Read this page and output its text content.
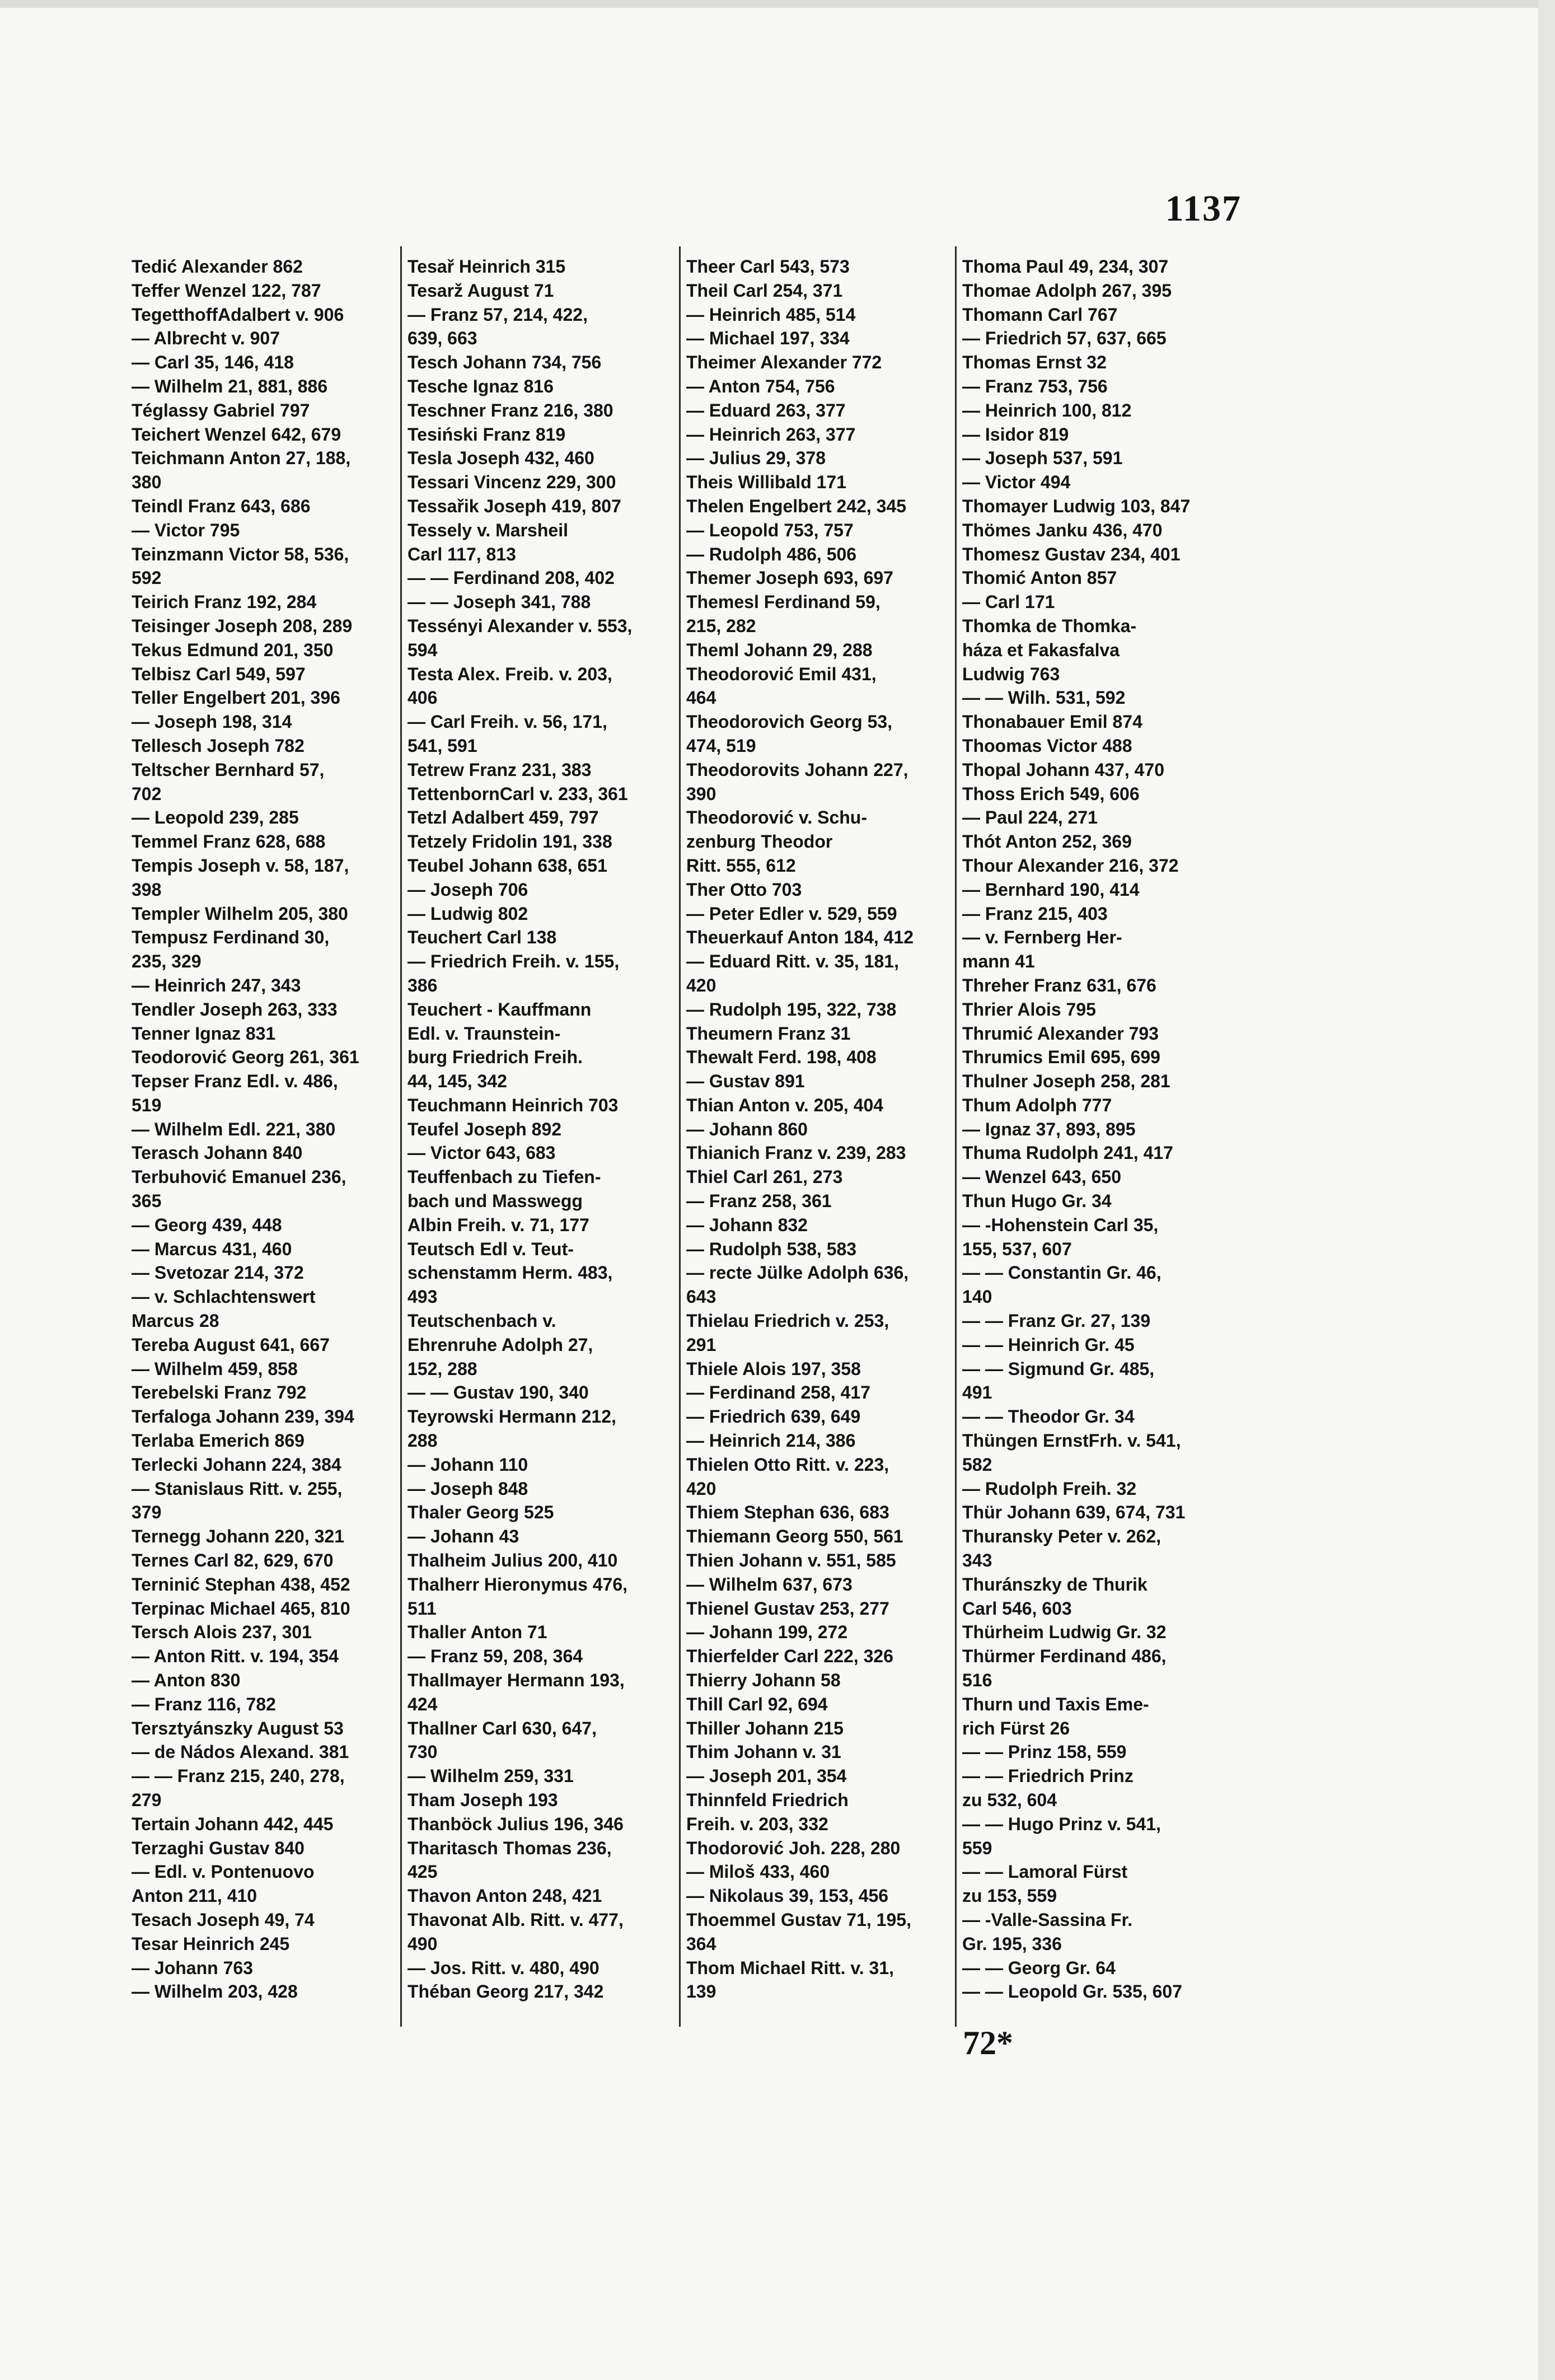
1137
Tedić Alexander 862
Teffer Wenzel 122, 787
TegetthoffAdalbert v. 906
— Albrecht v. 907
— Carl 35, 146, 418
— Wilhelm 21, 881, 886
Téglassy Gabriel 797
Teichert Wenzel 642, 679
Teichmann Anton 27, 188,
380
Teindl Franz 643, 686
— Victor 795
Teinzmann Victor 58, 536,
592
Teirich Franz 192, 284
Teisinger Joseph 208, 289
Tekus Edmund 201, 350
Telbisz Carl 549, 597
Teller Engelbert 201, 396
— Joseph 198, 314
Tellesch Joseph 782
Teltscher Bernhard 57,
702
— Leopold 239, 285
Temmel Franz 628, 688
Tempis Joseph v. 58, 187,
398
Templer Wilhelm 205, 380
Tempusz Ferdinand 30,
235, 329
— Heinrich 247, 343
Tendler Joseph 263, 333
Tenner Ignaz 831
Teodorović Georg 261, 361
Tepser Franz Edl. v. 486,
519
— Wilhelm Edl. 221, 380
Terasch Johann 840
Terbuhović Emanuel 236,
365
— Georg 439, 448
— Marcus 431, 460
— Svetozar 214, 372
— v. Schlachtenswert
Marcus 28
Tereba August 641, 667
— Wilhelm 459, 858
Terebelski Franz 792
Terfaloga Johann 239, 394
Terlaba Emerich 869
Terlecki Johann 224, 384
— Stanislaus Ritt. v. 255,
379
Ternegg Johann 220, 321
Ternes Carl 82, 629, 670
Terninić Stephan 438, 452
Terpinac Michael 465, 810
Tersch Alois 237, 301
— Anton Ritt. v. 194, 354
— Anton 830
— Franz 116, 782
Tersztyánszky August 53
— de Nádos Alexand. 381
— — Franz 215, 240, 278,
279
Tertain Johann 442, 445
Terzaghi Gustav 840
— Edl. v. Pontenuovo
Anton 211, 410
Tesach Joseph 49, 74
Tesar Heinrich 245
— Johann 763
— Wilhelm 203, 428
Tesař Heinrich 315
Tesarž August 71
— Franz 57, 214, 422,
639, 663
Tesch Johann 734, 756
Tesche Ignaz 816
Teschner Franz 216, 380
Tesiński Franz 819
Tesla Joseph 432, 460
Tessari Vincenz 229, 300
Tessařik Joseph 419, 807
Tessely v. Marsheil
Carl 117, 813
— — Ferdinand 208, 402
— — Joseph 341, 788
Tessényi Alexander v. 553,
594
Testa Alex. Freib. v. 203,
406
— Carl Freih. v. 56, 171,
541, 591
Tetrew Franz 231, 383
TettenbornCarl v. 233, 361
Tetzl Adalbert 459, 797
Tetzely Fridolin 191, 338
Teubel Johann 638, 651
— Joseph 706
— Ludwig 802
Teuchert Carl 138
— Friedrich Freih. v. 155,
386
Teuchert - Kauffmann
Edl. v. Traunstein-
burg Friedrich Freih.
44, 145, 342
Teuchmann Heinrich 703
Teufel Joseph 892
— Victor 643, 683
Teuffenbach zu Tiefen-
bach und Masswegg
Albin Freih. v. 71, 177
Teutsch Edl v. Teut-
schenstamm Herm. 483,
493
Teutschenbach v.
Ehrenruhe Adolph 27,
152, 288
— — Gustav 190, 340
Teyrowski Hermann 212,
288
— Johann 110
— Joseph 848
Thaler Georg 525
— Johann 43
Thalheim Julius 200, 410
Thalherr Hieronymus 476,
511
Thaller Anton 71
— Franz 59, 208, 364
Thallmayer Hermann 193,
424
Thallner Carl 630, 647,
730
— Wilhelm 259, 331
Tham Joseph 193
Thanböck Julius 196, 346
Tharitasch Thomas 236,
425
Thavon Anton 248, 421
Thavonat Alb. Ritt. v. 477,
490
— Jos. Ritt. v. 480, 490
Théban Georg 217, 342
Theer Carl 543, 573
Theil Carl 254, 371
— Heinrich 485, 514
— Michael 197, 334
Theimer Alexander 772
— Anton 754, 756
— Eduard 263, 377
— Heinrich 263, 377
— Julius 29, 378
Theis Willibald 171
Thelen Engelbert 242, 345
— Leopold 753, 757
— Rudolph 486, 506
Themer Joseph 693, 697
Themesl Ferdinand 59,
215, 282
Theml Johann 29, 288
Theodorović Emil 431,
464
Theodorovich Georg 53,
474, 519
Theodorovits Johann 227,
390
Theodorović v. Schu-
zenburg Theodor
Ritt. 555, 612
Ther Otto 703
— Peter Edler v. 529, 559
Theuerkauf Anton 184, 412
— Eduard Ritt. v. 35, 181,
420
— Rudolph 195, 322, 738
Theumern Franz 31
Thewalt Ferd. 198, 408
— Gustav 891
Thian Anton v. 205, 404
— Johann 860
Thianich Franz v. 239, 283
Thiel Carl 261, 273
— Franz 258, 361
— Johann 832
— Rudolph 538, 583
— recte Jülke Adolph 636,
643
Thielau Friedrich v. 253,
291
Thiele Alois 197, 358
— Ferdinand 258, 417
— Friedrich 639, 649
— Heinrich 214, 386
Thielen Otto Ritt. v. 223,
420
Thiem Stephan 636, 683
Thiemann Georg 550, 561
Thien Johann v. 551, 585
— Wilhelm 637, 673
Thienel Gustav 253, 277
— Johann 199, 272
Thierfelder Carl 222, 326
Thierry Johann 58
Thill Carl 92, 694
Thiller Johann 215
Thim Johann v. 31
— Joseph 201, 354
Thinnfeld Friedrich
Freih. v. 203, 332
Thodorović Joh. 228, 280
— Miloš 433, 460
— Nikolaus 39, 153, 456
Thoemmel Gustav 71, 195,
364
Thom Michael Ritt. v. 31,
139
Thoma Paul 49, 234, 307
Thomae Adolph 267, 395
Thomann Carl 767
— Friedrich 57, 637, 665
Thomas Ernst 32
— Franz 753, 756
— Heinrich 100, 812
— Isidor 819
— Joseph 537, 591
— Victor 494
Thomayer Ludwig 103, 847
Thömes Janku 436, 470
Thomesz Gustav 234, 401
Thomić Anton 857
— Carl 171
Thomka de Thomka-
háza et Fakasfalva
Ludwig 763
— — Wilh. 531, 592
Thonabauer Emil 874
Thoomas Victor 488
Thopal Johann 437, 470
Thoss Erich 549, 606
— Paul 224, 271
Thót Anton 252, 369
Thour Alexander 216, 372
— Bernhard 190, 414
— Franz 215, 403
— v. Fernberg Her-
mann 41
Threher Franz 631, 676
Thrier Alois 795
Thrumić Alexander 793
Thrumics Emil 695, 699
Thulner Joseph 258, 281
Thum Adolph 777
— Ignaz 37, 893, 895
Thuma Rudolph 241, 417
— Wenzel 643, 650
Thun Hugo Gr. 34
— -Hohenstein Carl 35,
155, 537, 607
— — Constantin Gr. 46,
140
— — Franz Gr. 27, 139
— — Heinrich Gr. 45
— — Sigmund Gr. 485,
491
— — Theodor Gr. 34
Thüngen ErnstFrh. v. 541,
582
— Rudolph Freih. 32
Thür Johann 639, 674, 731
Thuransky Peter v. 262,
343
Thuránszky de Thurik
Carl 546, 603
Thürheim Ludwig Gr. 32
Thürmer Ferdinand 486,
516
Thurn und Taxis Eme-
rich Fürst 26
— — Prinz 158, 559
— — Friedrich Prinz
zu 532, 604
— — Hugo Prinz v. 541,
559
— — Lamoral Fürst
zu 153, 559
— -Valle-Sassina Fr.
Gr. 195, 336
— — Georg Gr. 64
— — Leopold Gr. 535, 607
72*
